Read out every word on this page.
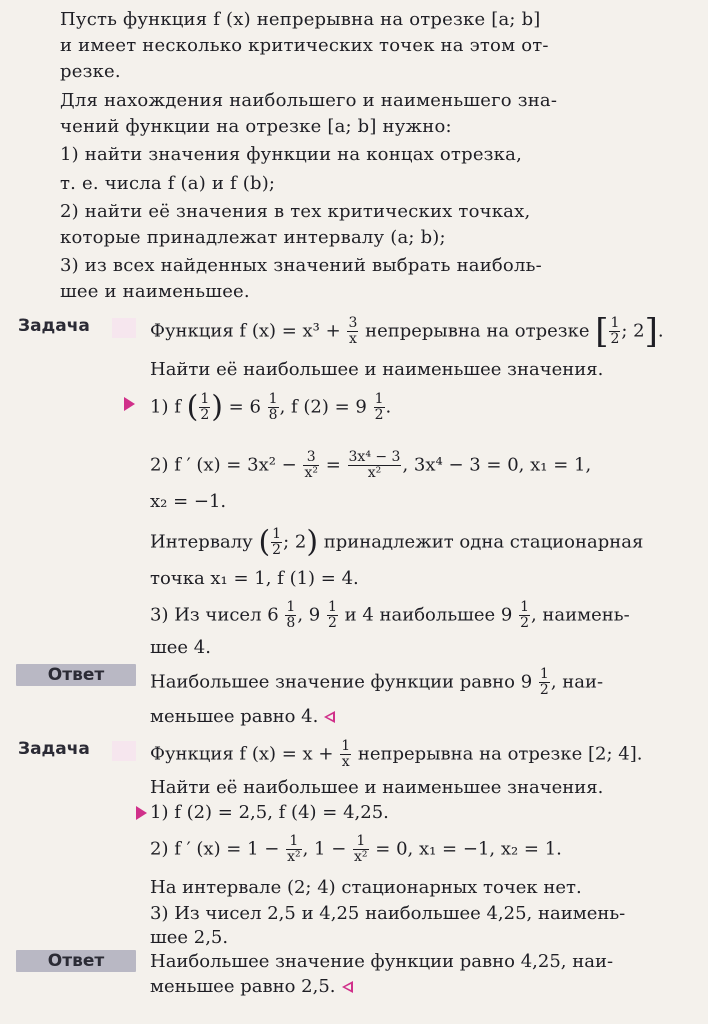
Пусть функция f (x) непрерывна на отрезке [a; b]
и имеет несколько критических точек на этом от-
резке.
Для нахождения наибольшего и наименьшего зна-
чений функции на отрезке [a; b] нужно:
1) найти значения функции на концах отрезка,
т. е. числа f (a) и f (b);
2) найти её значения в тех критических точках,
которые принадлежат интервалу (a; b);
3) из всех найденных значений выбрать наиболь-
шее и наименьшее.
Задача	Функция f $(x) = x^3 + \frac{3}{x}$ непрерывна на отрезке [ $\frac{1}{2}$ ; 2].
Найти её наибольшее и наименьшее значения.
1) f ( $\frac{1}{2}$ ) = $6 \frac{1}{8}$ , f $(2) = 9 \frac{1}{2}$ .
2) f ′ $(x) = 3x^2 - \frac{3}{\text{x²}} = \frac{\text{3x⁴ − 3}}{\text{x²}}$ , 3x⁴ − 3 = 0, x₁ = 1,
x₂ = −1.
Интервалу ( $\frac{1}{2}$ ; 2) принадлежит одна стационарная
точка x₁ = 1, f (1) = 4.
3) Из чисел $6 \frac{1}{8}$ , $9 \frac{1}{2}$ и 4 наибольшее $9 \frac{1}{2}$ , наимень-
шее 4.
Ответ	Наибольшее значение функции равно $9 \frac{1}{2}$ , наи-
меньшее равно 4.
Задача	Функция f $(x) = x + \frac{1}{x}$ непрерывна на отрезке [2; 4].
Найти её наибольшее и наименьшее значения.
1) f (2) = 2,5, f (4) = 4,25.
2) f ′ $(x) = 1 - \frac{1}{\text{x²}}$ , $1 - \frac{1}{\text{x²}} = 0$, x₁ = −1, x₂ = 1.
На интервале (2; 4) стационарных точек нет.
3) Из чисел 2,5 и 4,25 наибольшее 4,25, наимень-
шее 2,5.
Ответ	Наибольшее значение функции равно 4,25, наи-
меньшее равно 2,5.
